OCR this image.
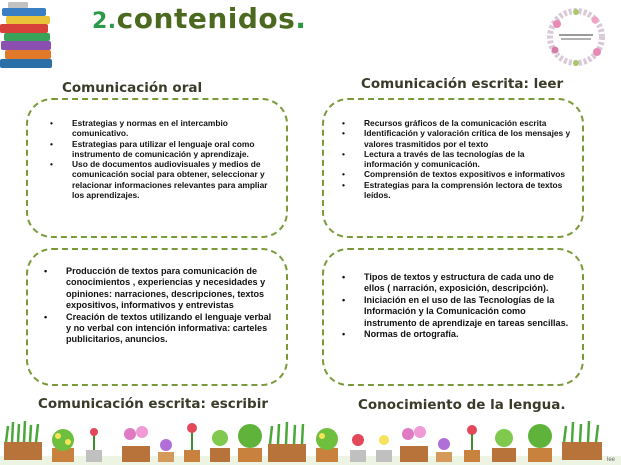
2.contenidos.
Comunicación oral	Comunicación escrita: leer
Comunicación escrita: escribir	Conocimiento de la lengua.
• Estrategias y normas en el intercambio comunicativo.
• Estrategias para utilizar el lenguaje oral como instrumento de comunicación y aprendizaje.
• Uso de documentos audiovisuales y medios de comunicación social para obtener, seleccionar y relacionar informaciones relevantes para ampliar los aprendizajes.
• Recursos gráficos de la comunicación escrita
• Identificación y valoración crítica de los mensajes y valores trasmitidos por el texto
• Lectura a través de las tecnologías de la información y comunicación.
• Comprensión de textos expositivos e informativos
• Estrategias para la comprensión lectora de textos leídos.
• Producción de textos para comunicación de conocimientos , experiencias y necesidades y opiniones: narraciones, descripciones, textos expositivos, informativos y entrevistas
• Creación de textos utilizando el lenguaje verbal y no verbal con intención informativa: carteles publicitarios, anuncios.
• Tipos de textos y estructura de cada uno de ellos ( narración, exposición, descripción).
• Iniciación en el uso de las Tecnologías de la Información y la Comunicación como instrumento de aprendizaje en tareas sencillas.
• Normas de ortografía.
lee
